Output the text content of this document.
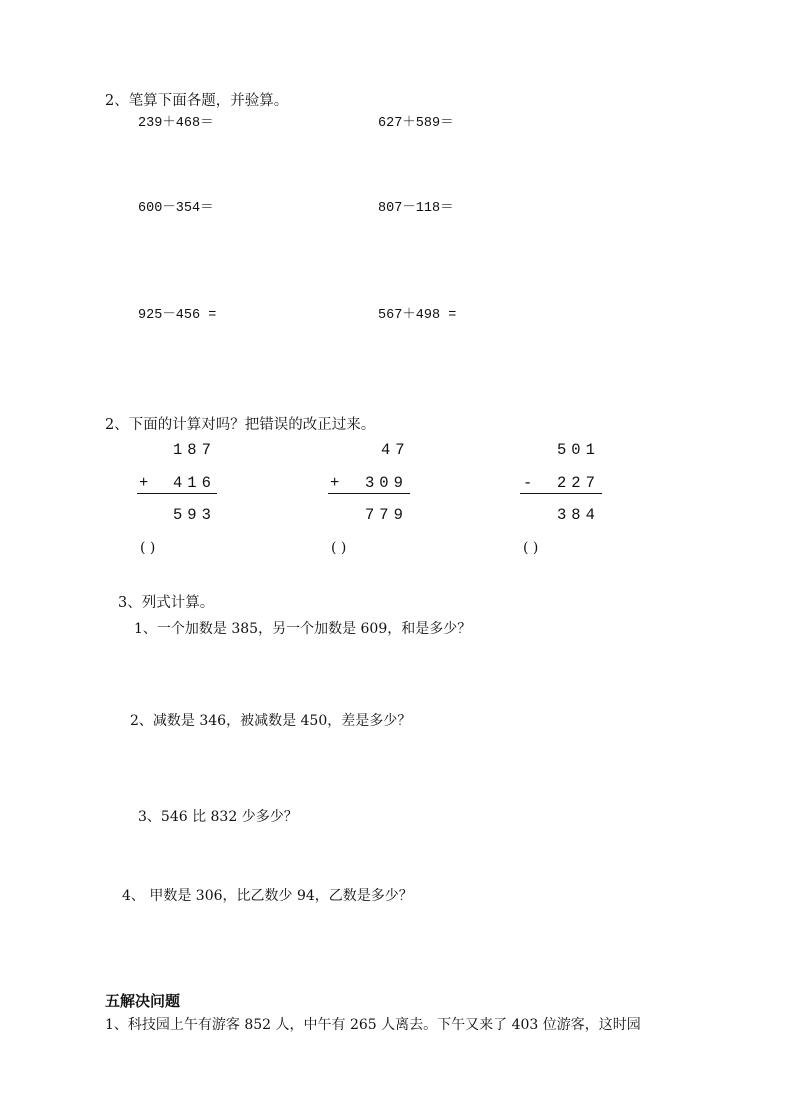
2、笔算下面各题，并验算。
239＋468＝	627＋589＝
600－354＝	807－118＝
925－456 =	567＋498 =
2、下面的计算对吗？把错误的改正过来。
187
+ 416
593
( )
47
+ 309
779
( )
501
- 227
384
( )
3、列式计算。
1、一个加数是 385，另一个加数是 609，和是多少？
2、减数是 346，被减数是 450，差是多少？
3、546 比 832 少多少？
4、 甲数是 306，比乙数少 94，乙数是多少？
五解决问题
1、科技园上午有游客 852 人，中午有 265 人离去。下午又来了 403 位游客，这时园
